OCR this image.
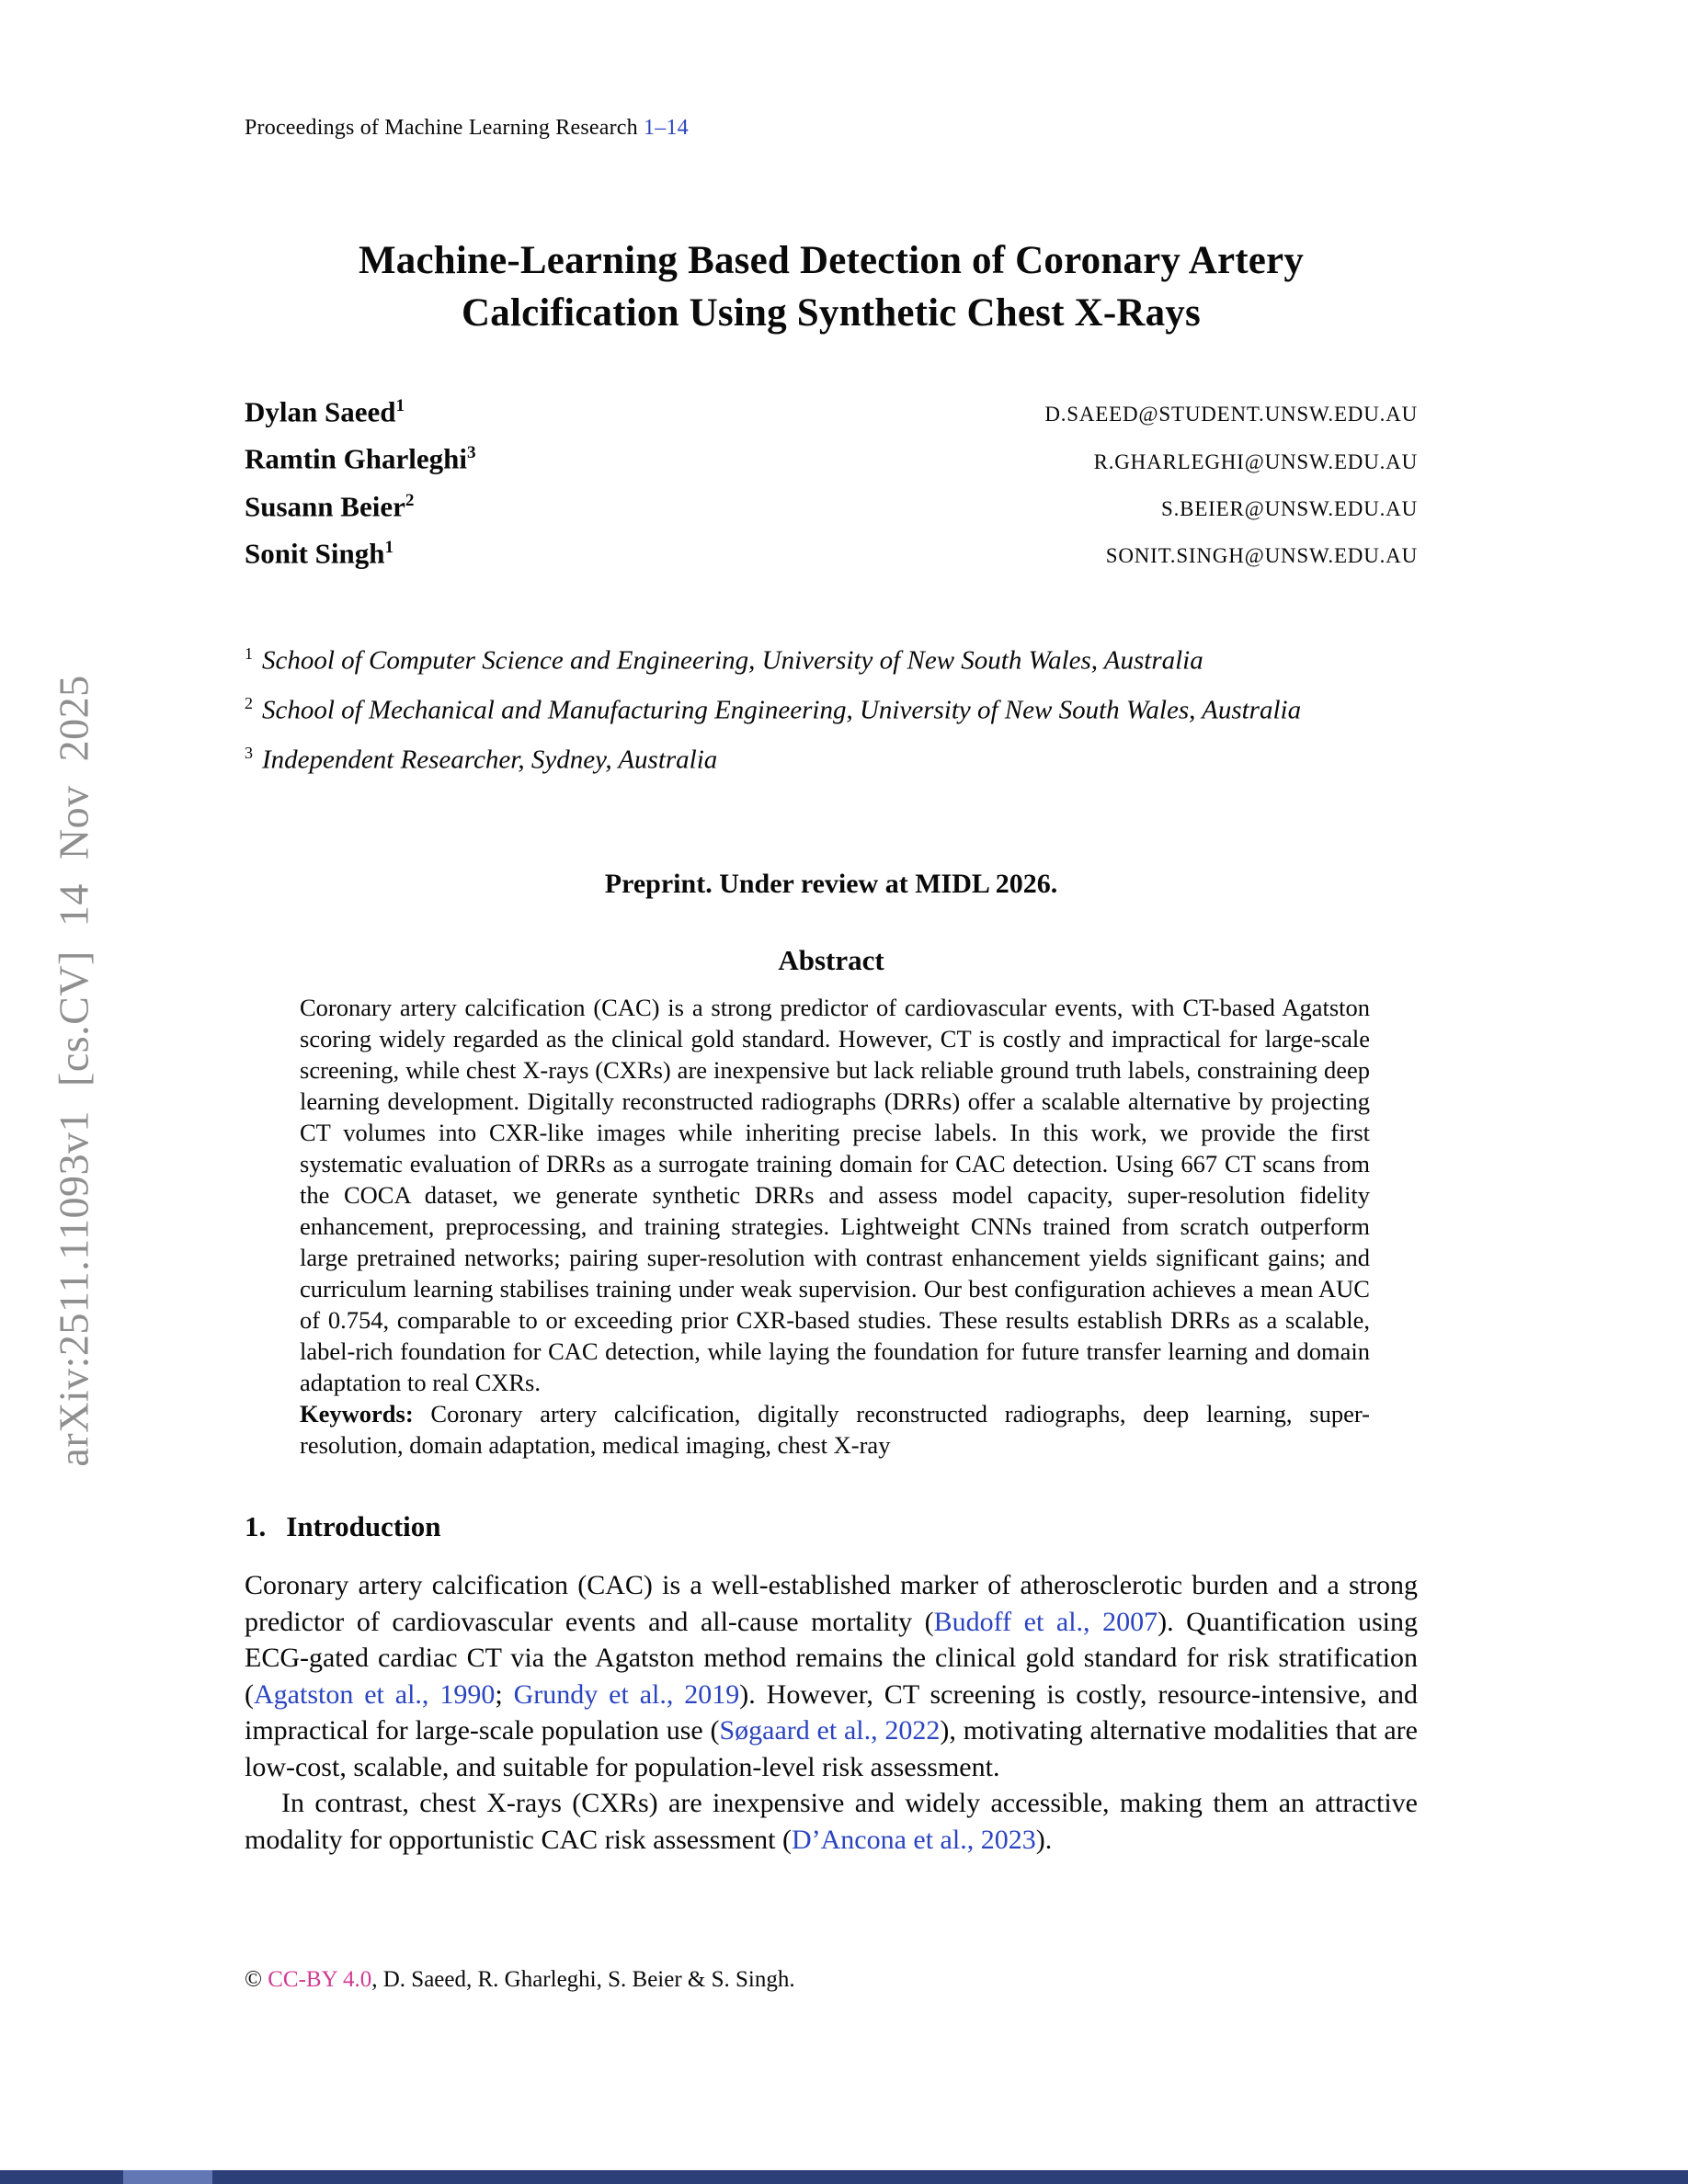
arXiv:2511.11093v1 [cs.CV] 14 Nov 2025
Proceedings of Machine Learning Research 1–14
Machine-Learning Based Detection of Coronary Artery
Calcification Using Synthetic Chest X-Rays
Dylan Saeed$^1$	D.SAEED@STUDENT.UNSW.EDU.AU
Ramtin Gharleghi$^3$	R.GHARLEGHI@UNSW.EDU.AU
Susann Beier$^2$	S.BEIER@UNSW.EDU.AU
Sonit Singh$^1$	SONIT.SINGH@UNSW.EDU.AU
$^1$ School of Computer Science and Engineering, University of New South Wales, Australia
$^2$ School of Mechanical and Manufacturing Engineering, University of New South Wales, Australia
$^3$ Independent Researcher, Sydney, Australia
Preprint. Under review at MIDL 2026.
Abstract

Coronary artery calcification (CAC) is a strong predictor of cardiovascular events, with CT-based Agatston scoring widely regarded as the clinical gold standard. However, CT is costly and impractical for large-scale screening, while chest X-rays (CXRs) are inexpensive but lack reliable ground truth labels, constraining deep learning development. Digitally reconstructed radiographs (DRRs) offer a scalable alternative by projecting CT volumes into CXR-like images while inheriting precise labels. In this work, we provide the first systematic evaluation of DRRs as a surrogate training domain for CAC detection. Using 667 CT scans from the COCA dataset, we generate synthetic DRRs and assess model capacity, super-resolution fidelity enhancement, preprocessing, and training strategies. Lightweight CNNs trained from scratch outperform large pretrained networks; pairing super-resolution with contrast enhancement yields significant gains; and curriculum learning stabilises training under weak supervision. Our best configuration achieves a mean AUC of 0.754, comparable to or exceeding prior CXR-based studies. These results establish DRRs as a scalable, label-rich foundation for CAC detection, while laying the foundation for future transfer learning and domain adaptation to real CXRs.

Keywords: Coronary artery calcification, digitally reconstructed radiographs, deep learning, super-resolution, domain adaptation, medical imaging, chest X-ray

1. Introduction

Coronary artery calcification (CAC) is a well-established marker of atherosclerotic burden and a strong predictor of cardiovascular events and all-cause mortality (Budoff et al., 2007). Quantification using ECG-gated cardiac CT via the Agatston method remains the clinical gold standard for risk stratification (Agatston et al., 1990; Grundy et al., 2019). However, CT screening is costly, resource-intensive, and impractical for large-scale population use (Søgaard et al., 2022), motivating alternative modalities that are low-cost, scalable, and suitable for population-level risk assessment.

In contrast, chest X-rays (CXRs) are inexpensive and widely accessible, making them an attractive modality for opportunistic CAC risk assessment (D’Ancona et al., 2023).

© CC-BY 4.0, D. Saeed, R. Gharleghi, S. Beier & S. Singh.
